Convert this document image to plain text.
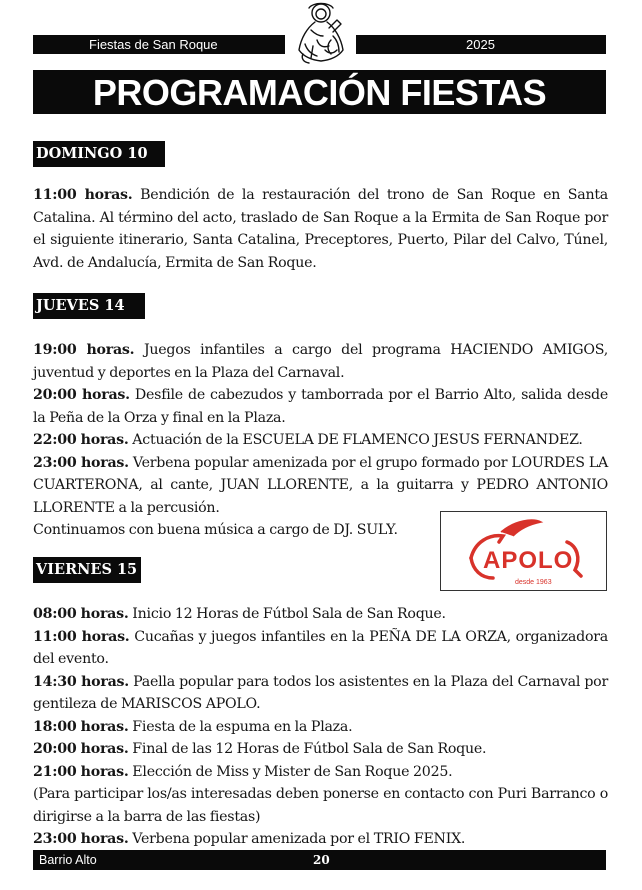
Fiestas de San Roque	2025
PROGRAMACIÓN FIESTAS
DOMINGO 10

11:00 horas. Bendición de la restauración del trono de San Roque en Santa Catalina. Al término del acto, traslado de San Roque a la Ermita de San Roque por el siguiente itinerario, Santa Catalina, Preceptores, Puerto, Pilar del Calvo, Túnel, Avd. de Andalucía, Ermita de San Roque.

JUEVES 14

19:00 horas. Juegos infantiles a cargo del programa HACIENDO AMIGOS, juventud y deportes en la Plaza del Carnaval.

20:00 horas. Desfile de cabezudos y tamborrada por el Barrio Alto, salida desde la Peña de la Orza y final en la Plaza.

22:00 horas. Actuación de la ESCUELA DE FLAMENCO JESUS FERNANDEZ.

23:00 horas. Verbena popular amenizada por el grupo formado por LOURDES LA CUARTERONA, al cante, JUAN LLORENTE, a la guitarra y PEDRO ANTONIO LLORENTE a la percusión.

Continuamos con buena música a cargo de DJ. SULY.

APOLO
desde 1963
VIERNES 15

08:00 horas. Inicio 12 Horas de Fútbol Sala de San Roque.

11:00 horas. Cucañas y juegos infantiles en la PEÑA DE LA ORZA, organizadora del evento.

14:30 horas. Paella popular para todos los asistentes en la Plaza del Carnaval por gentileza de MARISCOS APOLO.

18:00 horas. Fiesta de la espuma en la Plaza.

20:00 horas. Final de las 12 Horas de Fútbol Sala de San Roque.

21:00 horas. Elección de Miss y Mister de San Roque 2025.

(Para participar los/as interesadas deben ponerse en contacto con Puri Barranco o dirigirse a la barra de las fiestas)

23:00 horas. Verbena popular amenizada por el TRIO FENIX.

Barrio Alto	20
